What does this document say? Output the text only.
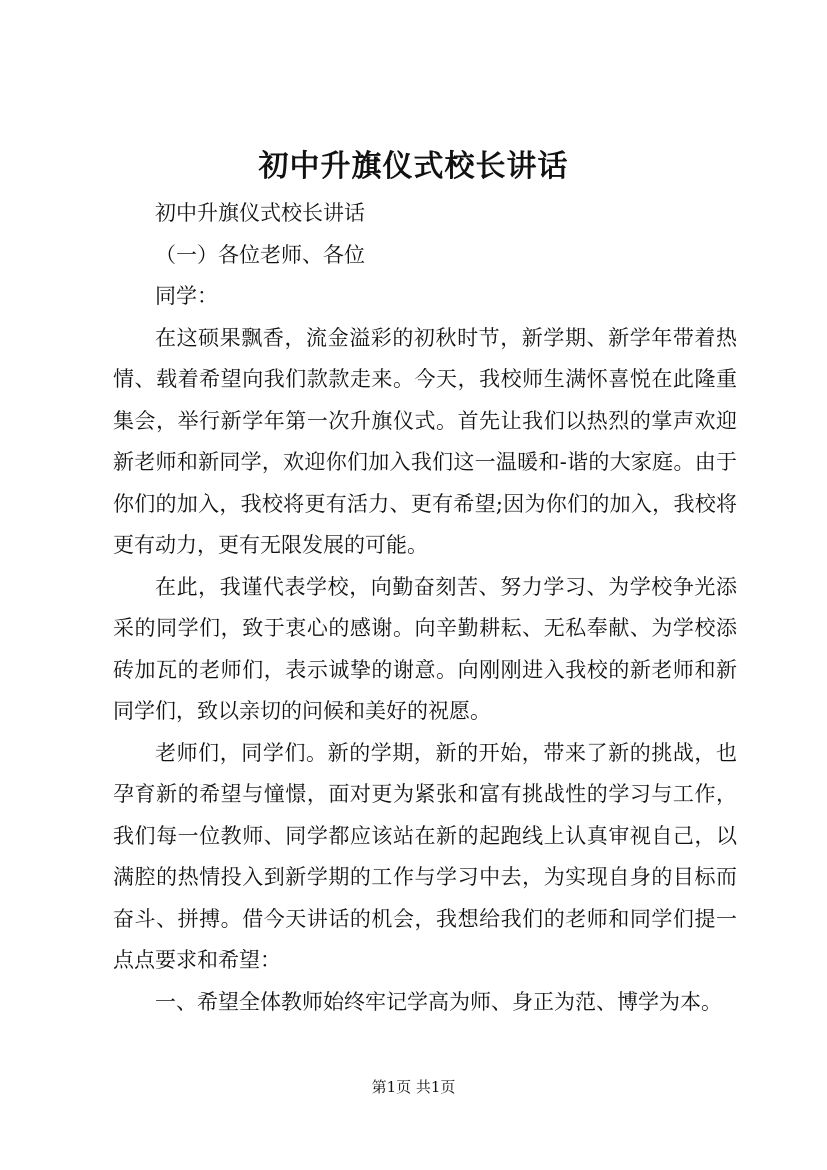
初中升旗仪式校长讲话

初中升旗仪式校长讲话

（一）各位老师、各位

同学：

在这硕果飘香，流金溢彩的初秋时节，新学期、新学年带着热情、载着希望向我们款款走来。今天，我校师生满怀喜悦在此隆重集会，举行新学年第一次升旗仪式。首先让我们以热烈的掌声欢迎新老师和新同学，欢迎你们加入我们这一温暖和-谐的大家庭。由于你们的加入，我校将更有活力、更有希望;因为你们的加入，我校将更有动力，更有无限发展的可能。

在此，我谨代表学校，向勤奋刻苦、努力学习、为学校争光添采的同学们，致于衷心的感谢。向辛勤耕耘、无私奉献、为学校添砖加瓦的老师们，表示诚挚的谢意。向刚刚进入我校的新老师和新同学们，致以亲切的问候和美好的祝愿。

老师们，同学们。新的学期，新的开始，带来了新的挑战，也孕育新的希望与憧憬，面对更为紧张和富有挑战性的学习与工作，我们每一位教师、同学都应该站在新的起跑线上认真审视自己，以满腔的热情投入到新学期的工作与学习中去，为实现自身的目标而奋斗、拼搏。借今天讲话的机会，我想给我们的老师和同学们提一点点要求和希望：

一、希望全体教师始终牢记学高为师、身正为范、博学为本。

第1页 共1页
